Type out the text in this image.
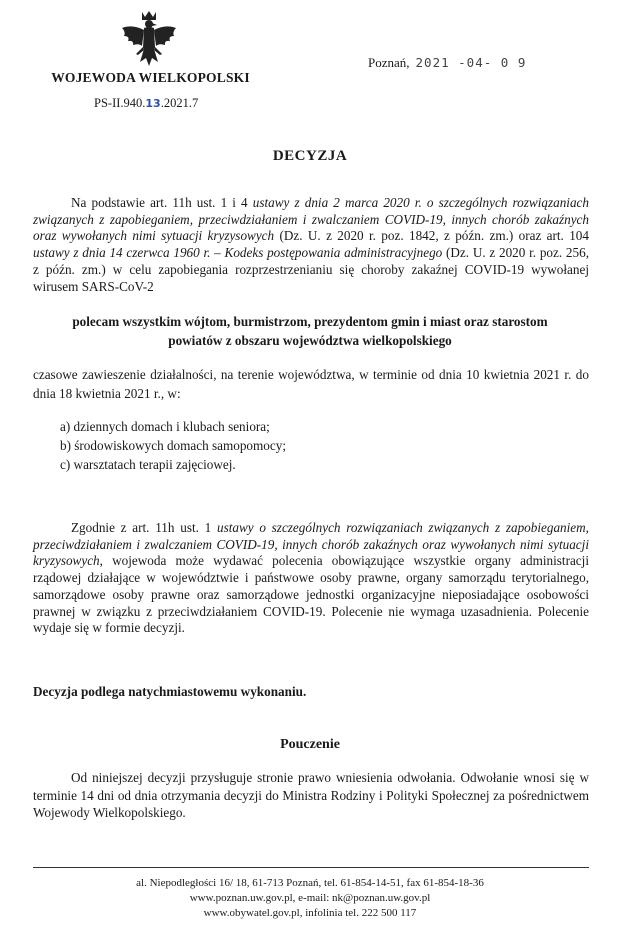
WOJEWODA WIELKOPOLSKI
PS-II.940.13.2021.7
Poznań, 2021 -04- 0 9
DECYZJA
Na podstawie art. 11h ust. 1 i 4 ustawy z dnia 2 marca 2020 r. o szczególnych rozwiązaniach związanych z zapobieganiem, przeciwdziałaniem i zwalczaniem COVID-19, innych chorób zakaźnych oraz wywołanych nimi sytuacji kryzysowych (Dz. U. z 2020 r. poz. 1842, z późn. zm.) oraz art. 104 ustawy z dnia 14 czerwca 1960 r. – Kodeks postępowania administracyjnego (Dz. U. z 2020 r. poz. 256, z późn. zm.) w celu zapobiegania rozprzestrzenianiu się choroby zakaźnej COVID-19 wywołanej wirusem SARS-CoV-2
polecam wszystkim wójtom, burmistrzom, prezydentom gmin i miast oraz starostom powiatów z obszaru województwa wielkopolskiego
czasowe zawieszenie działalności, na terenie województwa, w terminie od dnia 10 kwietnia 2021 r. do dnia 18 kwietnia 2021 r., w:
a) dziennych domach i klubach seniora;
b) środowiskowych domach samopomocy;
c) warsztatach terapii zajęciowej.
Zgodnie z art. 11h ust. 1 ustawy o szczególnych rozwiązaniach związanych z zapobieganiem, przeciwdziałaniem i zwalczaniem COVID-19, innych chorób zakaźnych oraz wywołanych nimi sytuacji kryzysowych, wojewoda może wydawać polecenia obowiązujące wszystkie organy administracji rządowej działające w województwie i państwowe osoby prawne, organy samorządu terytorialnego, samorządowe osoby prawne oraz samorządowe jednostki organizacyjne nieposiadające osobowości prawnej w związku z przeciwdziałaniem COVID-19. Polecenie nie wymaga uzasadnienia. Polecenie wydaje się w formie decyzji.
Decyzja podlega natychmiastowemu wykonaniu.
Pouczenie
Od niniejszej decyzji przysługuje stronie prawo wniesienia odwołania. Odwołanie wnosi się w terminie 14 dni od dnia otrzymania decyzji do Ministra Rodziny i Polityki Społecznej za pośrednictwem Wojewody Wielkopolskiego.
al. Niepodległości 16/ 18, 61-713 Poznań, tel. 61-854-14-51, fax 61-854-18-36
www.poznan.uw.gov.pl, e-mail: nk@poznan.uw.gov.pl
www.obywatel.gov.pl, infolinia tel. 222 500 117
